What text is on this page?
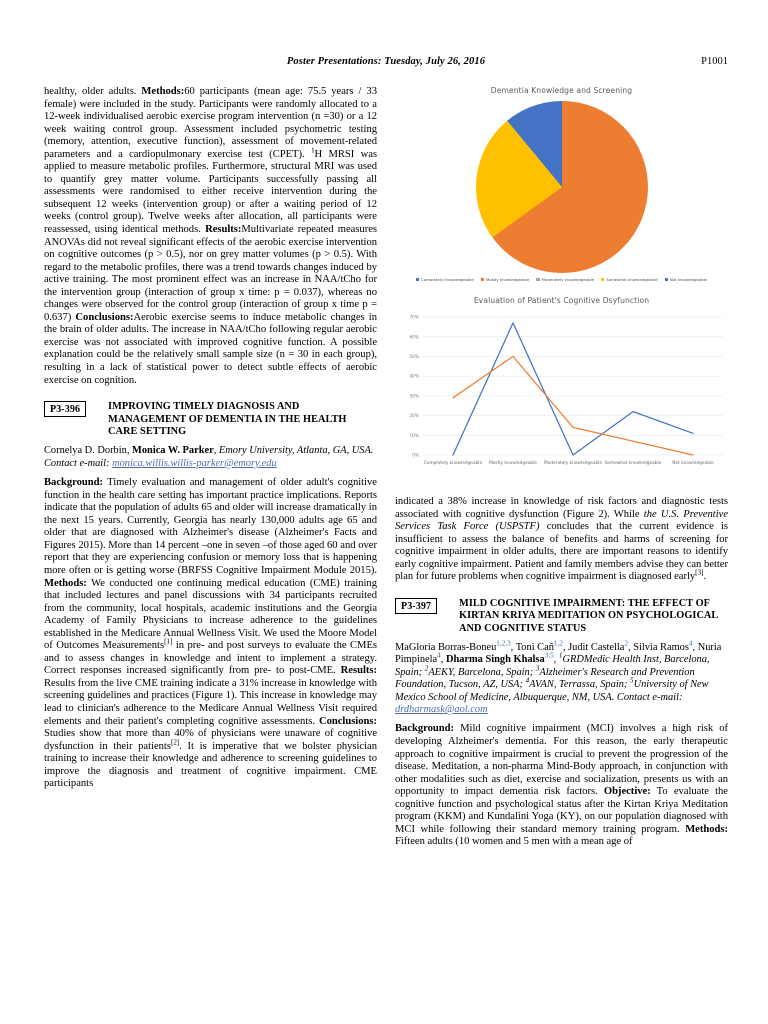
Poster Presentations: Tuesday, July 26, 2016	P1001

healthy, older adults. Methods:60 participants (mean age: 75.5 years / 33 female) were included in the study. Participants were randomly allocated to a 12-week individualised aerobic exercise program intervention (n =30) or a 12 week waiting control group. Assessment included psychometric testing (memory, attention, executive function), assessment of movement-related parameters and a cardiopulmonary exercise test (CPET). $^1$H MRSI was applied to measure metabolic profiles. Furthermore, structural MRI was used to quantify grey matter volume. Participants successfully passing all assessments were randomised to either receive intervention during the subsequent 12 weeks (intervention group) or after a waiting period of 12 weeks (control group). Twelve weeks after allocation, all participants were reassessed, using identical methods. Results:Multivariate repeated measures ANOVAs did not reveal significant effects of the aerobic exercise intervention on cognitive outcomes (p > 0.5), nor on grey matter volumes (p > 0.5). With regard to the metabolic profiles, there was a trend towards changes induced by active training. The most prominent effect was an increase in NAA/tCho for the intervention group (interaction of group x time: p = 0.037), whereas no changes were observed for the control group (interaction of group x time p = 0.637) Conclusions:Aerobic exercise seems to induce metabolic changes in the brain of older adults. The increase in NAA/tCho following regular aerobic exercise was not associated with improved cognitive function. A possible explanation could be the relatively small sample size (n = 30 in each group), resulting in a lack of statistical power to detect subtle effects of aerobic exercise on cognition.

P3-396	IMPROVING TIMELY DIAGNOSIS AND MANAGEMENT OF DEMENTIA IN THE HEALTH CARE SETTING
Cornelya D. Dorbin, Monica W. Parker, Emory University, Atlanta, GA, USA. Contact e-mail: monica.willis.willis-parker@emory.edu

Background: Timely evaluation and management of older adult's cognitive function in the health care setting has important practice implications. Reports indicate that the population of adults 65 and older will increase dramatically in the next 15 years. Currently, Georgia has nearly 130,000 adults age 65 and older that are diagnosed with Alzheimer's disease (Alzheimer's Facts and Figures 2015). More than 14 percent –one in seven –of those aged 60 and over report that they are experiencing confusion or memory loss that is happening more often or is getting worse (BRFSS Cognitive Impairment Module 2015). Methods: We conducted one continuing medical education (CME) training that included lectures and panel discussions with 34 participants recruited from the community, local hospitals, academic institutions and the Georgia Academy of Family Physicians to increase adherence to the guidelines established in the Medicare Annual Wellness Visit. We used the Moore Model of Outcomes Measurements[1] in pre- and post surveys to evaluate the CMEs and to assess changes in knowledge and intent to implement a strategy. Correct responses increased significantly from pre- to post-CME. Results: Results from the live CME training indicate a 31% increase in knowledge with screening guidelines and practices (Figure 1). This increase in knowledge may lead to clinician's adherence to the Medicare Annual Wellness Visit required elements and their patient's completing cognitive assessments. Conclusions: Studies show that more than 40% of physicians were unaware of cognitive dysfunction in their patients[2]. It is imperative that we bolster physician training to increase their knowledge and adherence to screening guidelines to improve the diagnosis and treatment of cognitive impairment. CME participants

Dementia Knowledge and Screening
Completely knowledgeable	Mostly knowledgeable	Moderately knowledgeable	Somewhat knowledgeable	Not knowledgeable
Evaluation of Patient's Cognitive Dsyfunction
0%
10%
20%
30%
40%
50%
60%
70%
Completely knowledgeable Mostly knowledgeable Moderately knowledgeable Somewhat knowledgeable	Not knowledgeable

indicated a 38% increase in knowledge of risk factors and diagnostic tests associated with cognitive dysfunction (Figure 2). While the U.S. Preventive Services Task Force (USPSTF) concludes that the current evidence is insufficient to assess the balance of benefits and harms of screening for cognitive impairment in older adults, there are important reasons to identify early cognitive impairment. Patient and family members advise they can better plan for future problems when cognitive impairment is diagnosed early[3].

P3-397	MILD COGNITIVE IMPAIRMENT: THE EFFECT OF KIRTAN KRIYA MEDITATION ON PSYCHOLOGICAL AND COGNITIVE STATUS
MaGloria Borras-Boneu$^{1,2,3}$, Toni Cañ$^{1,2}$, Judit Castella$^2$, Silvia Ramos$^4$, Nuria Pimpinela$^4$, Dharma Singh Khalsa$^{3,5}$, $^1$GRDMedic Health Inst, Barcelona, Spain; $^2$AEKY, Barcelona, Spain; $^3$Alzheimer's Research and Prevention Foundation, Tucson, AZ, USA; $^4$AVAN, Terrassa, Spain; $^5$University of New Mexico School of Medicine, Albuquerque, NM, USA. Contact e-mail: drdharmask@aol.com

Background: Mild cognitive impairment (MCI) involves a high risk of developing Alzheimer's dementia. For this reason, the early therapeutic approach to cognitive impairment is crucial to prevent the progression of the disease. Meditation, a non-pharma Mind-Body approach, in conjunction with other modalities such as diet, exercise and socialization, presents us with an opportunity to impact dementia risk factors. Objective: To evaluate the cognitive function and psychological status after the Kirtan Kriya Meditation program (KKM) and Kundalini Yoga (KY), on our population diagnosed with MCI while following their standard memory training program. Methods: Fifteen adults (10 women and 5 men with a mean age of
